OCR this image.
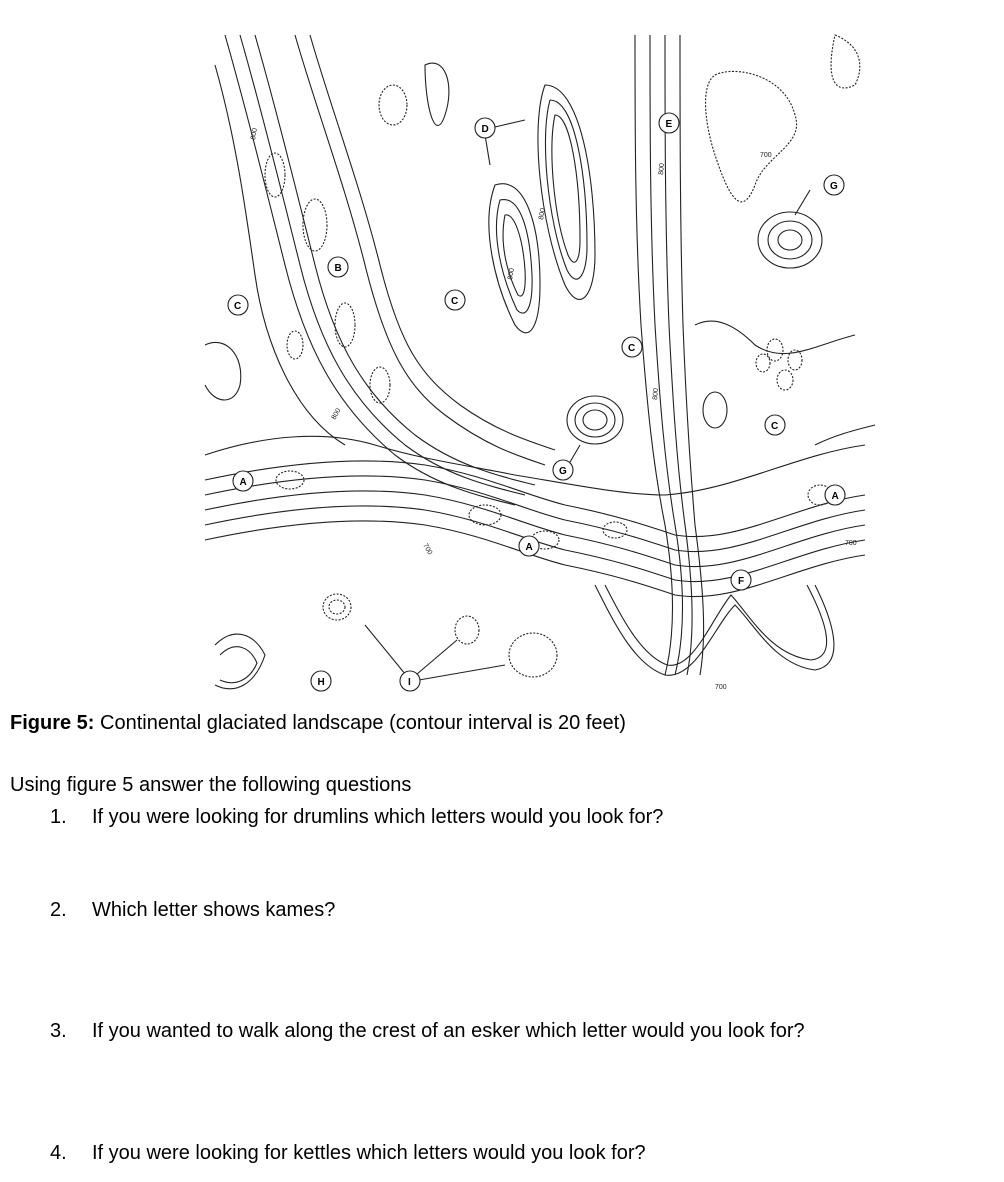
800
800
800
800
800
800
700
700
700
700
A
A
A
B
C	C
C
C
D	E
F
G
G
H	I
Figure 5: Continental glaciated landscape (contour interval is 20 feet)
Using figure 5 answer the following questions
1. If you were looking for drumlins which letters would you look for?
2. Which letter shows kames?
3. If you wanted to walk along the crest of an esker which letter would you look for?
4. If you were looking for kettles which letters would you look for?
